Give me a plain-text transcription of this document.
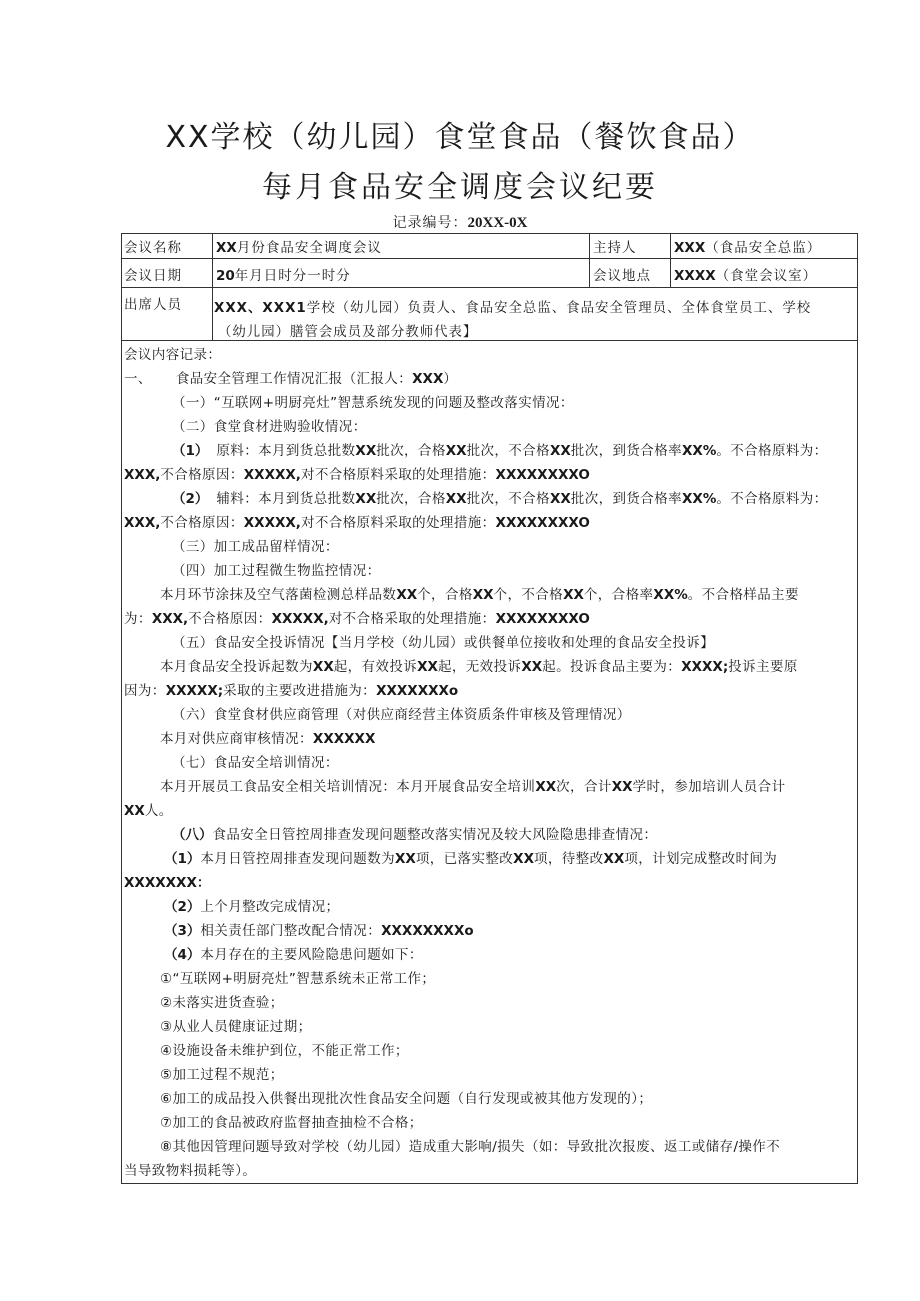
XX学校（幼儿园）食堂食品（餐饮食品）
每月食品安全调度会议纪要
记录编号：20XX-0X
会议名称	XX月份食品安全调度会议	主持人	XXX（食品安全总监）
会议日期	20年月日时分一时分	会议地点 XXXX（食堂会议室）
出席人员 XXX、XXX1学校（幼儿园）负责人、食品安全总监、食品安全管理员、全体食堂员工、学校
（幼儿园）膳管会成员及部分教师代表】
会议内容记录：
一、 食品安全管理工作情况汇报（汇报人：XXX）
（一）“互联网+明厨亮灶”智慧系统发现的问题及整改落实情况：
（二）食堂食材进购验收情况：
（1） 原料：本月到货总批数XX批次，合格XX批次，不合格XX批次，到货合格率XX%。不合格原料为：
XXX,不合格原因：XXXXX,对不合格原料采取的处理措施：XXXXXXXXO
（2） 辅料：本月到货总批数XX批次，合格XX批次，不合格XX批次，到货合格率XX%。不合格原料为：
XXX,不合格原因：XXXXX,对不合格原料采取的处理措施：XXXXXXXXO
（三）加工成品留样情况：
（四）加工过程微生物监控情况：
本月环节涂抹及空气落菌检测总样品数XX个，合格XX个，不合格XX个，合格率XX%。不合格样品主要
为：XXX,不合格原因：XXXXX,对不合格采取的处理措施：XXXXXXXXO
（五）食品安全投诉情况【当月学校（幼儿园）或供餐单位接收和处理的食品安全投诉】
本月食品安全投诉起数为XX起，有效投诉XX起，无效投诉XX起。投诉食品主要为：XXXX;投诉主要原
因为：XXXXX;采取的主要改进措施为：XXXXXXXo
（六）食堂食材供应商管理（对供应商经营主体资质条件审核及管理情况）
本月对供应商审核情况：XXXXXX
（七）食品安全培训情况：
本月开展员工食品安全相关培训情况：本月开展食品安全培训XX次，合计XX学时，参加培训人员合计
XX人。
（八）食品安全日管控周排查发现问题整改落实情况及较大风险隐患排查情况：
（1）本月日管控周排查发现问题数为XX项，已落实整改XX项，待整改XX项，计划完成整改时间为
XXXXXXX：
（2）上个月整改完成情况；
（3）相关责任部门整改配合情况：XXXXXXXXo
（4）本月存在的主要风险隐患问题如下：
①“互联网+明厨亮灶”智慧系统未正常工作；
②未落实进货查验；
③从业人员健康证过期；
④设施设备未维护到位，不能正常工作；
⑤加工过程不规范；
⑥加工的成品投入供餐出现批次性食品安全问题（自行发现或被其他方发现的）；
⑦加工的食品被政府监督抽查抽检不合格；
⑧其他因管理问题导致对学校（幼儿园）造成重大影响/损失（如：导致批次报废、返工或储存/操作不
当导致物料损耗等）。
